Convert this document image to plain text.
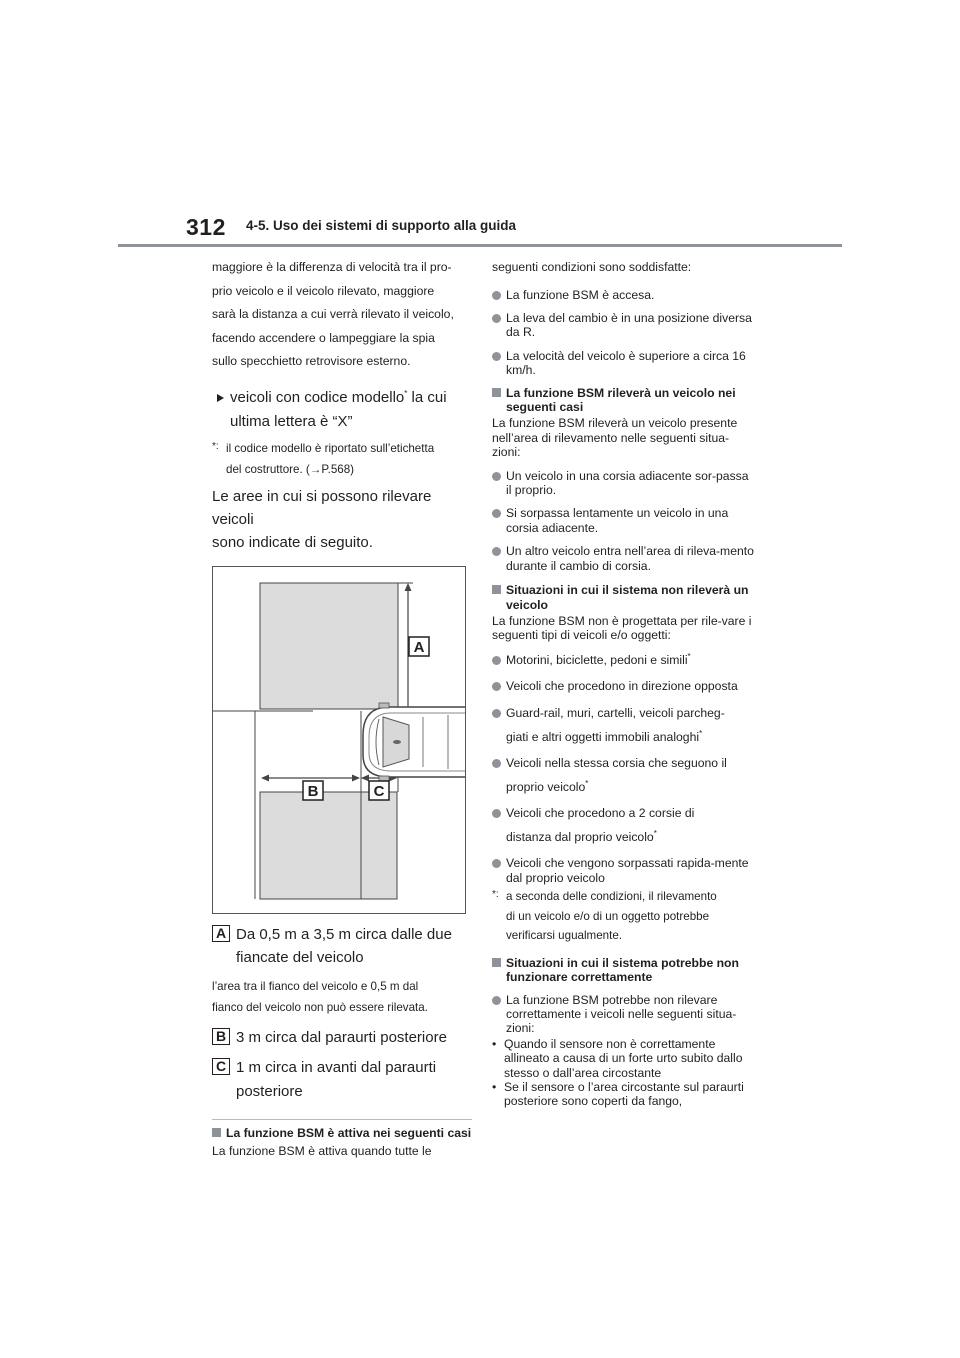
312 4-5. Uso dei sistemi di supporto alla guida

maggiore è la differenza di velocità tra il pro-

prio veicolo e il veicolo rilevato, maggiore

sarà la distanza a cui verrà rilevato il veicolo,

facendo accendere o lampeggiare la spia

sullo specchietto retrovisore esterno.

veicoli con codice modello* la cui
ultima lettera è “X”
*: il codice modello è riportato sull’etichetta
del costruttore. (→P.568)

Le aree in cui si possono rilevare veicoli

sono indicate di seguito.

A
B	C
A Da 0,5 m a 3,5 m circa dalle due
fiancate del veicolo

l’area tra il fianco del veicolo e 0,5 m dal

fianco del veicolo non può essere rilevata.

B 3 m circa dal paraurti posteriore
C 1 m circa in avanti dal paraurti
posteriore
La funzione BSM è attiva nei seguenti casi

La funzione BSM è attiva quando tutte le

seguenti condizioni sono soddisfatte:

La funzione BSM è accesa.
La leva del cambio è in una posizione diversa da R.
La velocità del veicolo è superiore a circa 16 km/h.
La funzione BSM rileverà un veicolo nei seguenti casi

La funzione BSM rileverà un veicolo presente nell’area di rilevamento nelle seguenti situa-zioni:

Un veicolo in una corsia adiacente sor-passa il proprio.
Si sorpassa lentamente un veicolo in una corsia adiacente.
Un altro veicolo entra nell’area di rileva-mento durante il cambio di corsia.
Situazioni in cui il sistema non rileverà un veicolo

La funzione BSM non è progettata per rile-vare i seguenti tipi di veicoli e/o oggetti:

Motorini, biciclette, pedoni e simili*
Veicoli che procedono in direzione opposta
Guard-rail, muri, cartelli, veicoli parcheg-
giati e altri oggetti immobili analoghi*
Veicoli nella stessa corsia che seguono il
proprio veicolo*
Veicoli che procedono a 2 corsie di
distanza dal proprio veicolo*
Veicoli che vengono sorpassati rapida-mente dal proprio veicolo
*: a seconda delle condizioni, il rilevamento
di un veicolo e/o di un oggetto potrebbe
verificarsi ugualmente.
Situazioni in cui il sistema potrebbe non funzionare correttamente
La funzione BSM potrebbe non rilevare correttamente i veicoli nelle seguenti situa-zioni:
• Quando il sensore non è correttamente allineato a causa di un forte urto subito dallo stesso o dall’area circostante
• Se il sensore o l’area circostante sul paraurti posteriore sono coperti da fango,
